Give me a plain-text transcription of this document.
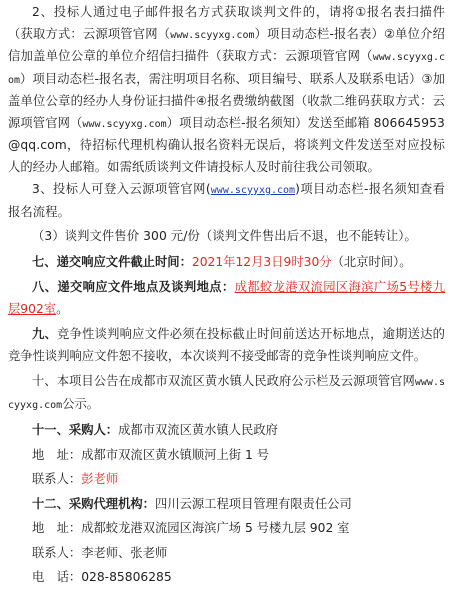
2、投标人通过电子邮件报名方式获取谈判文件的，请将①报名表扫描件（获取方式：云源项管官网（www.scyyxg.com）项目动态栏-报名表）②单位介绍信加盖单位公章的单位介绍信扫描件（获取方式：云源项管官网（www.scyyxg.com）项目动态栏-报名表，需注明项目名称、项目编号、联系人及联系电话）③加盖单位公章的经办人身份证扫描件④报名费缴纳截图（收款二维码获取方式：云源项管官网（www.scyyxg.com）项目动态栏-报名须知）发送至邮箱 806645953@qq.com，待招标代理机构确认报名资料无误后，将谈判文件发送至对应投标人的经办人邮箱。如需纸质谈判文件请投标人及时前往我公司领取。

3、投标人可登入云源项管官网(www.scyyxg.com)项目动态栏-报名须知查看报名流程。

（3）谈判文件售价 300 元/份（谈判文件售出后不退，也不能转让）。

七、递交响应文件截止时间：2021年12月3日9时30分（北京时间）。

八、递交响应文件地点及谈判地点：成都蛟龙港双流园区海滨广场5号楼九层902室。

九、竞争性谈判响应文件必须在投标截止时间前送达开标地点，逾期送达的竞争性谈判响应文件恕不接收，本次谈判不接受邮寄的竞争性谈判响应文件。

十、本项目公告在成都市双流区黄水镇人民政府公示栏及云源项管官网www.scyyxg.com公示。

十一、采购人：成都市双流区黄水镇人民政府
地　址：成都市双流区黄水镇顺河上街 1 号
联系人：彭老师
十二、采购代理机构：四川云源工程项目管理有限责任公司
地　址：成都蛟龙港双流园区海滨广场 5 号楼九层 902 室
联系人：李老师、张老师
电　话：028-85806285
